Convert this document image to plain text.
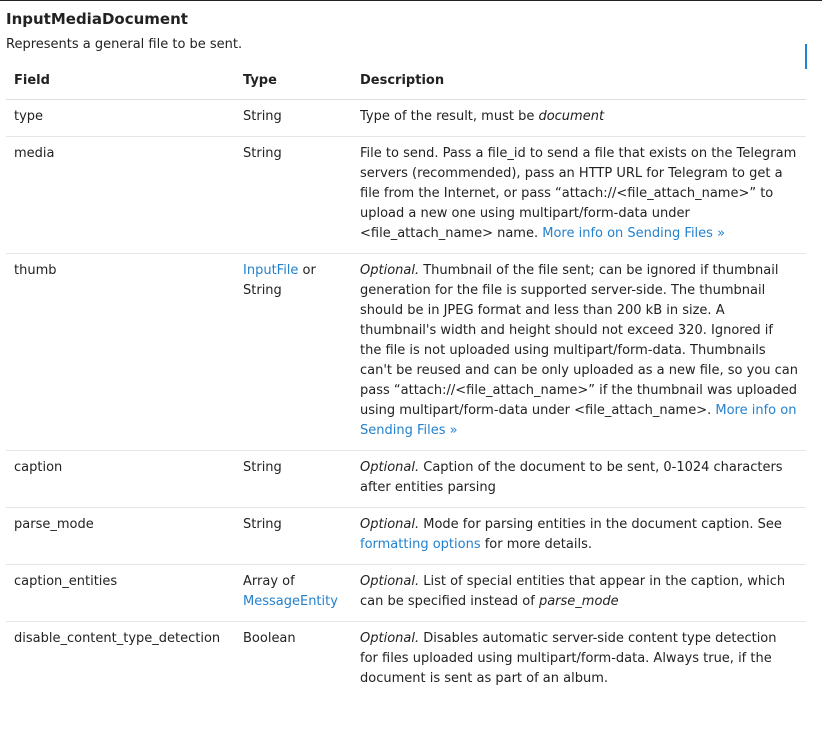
InputMediaDocument

Represents a general file to be sent.

Field	Type	Description
type	String	Type of the result, must be document
media	String	File to send. Pass a file_id to send a file that exists on the Telegram servers (recommended), pass an HTTP URL for Telegram to get a file from the Internet, or pass “attach://<file_attach_name>” to upload a new one using multipart/form-data under <file_attach_name> name. More info on Sending Files »
thumb	InputFile or String	Optional. Thumbnail of the file sent; can be ignored if thumbnail generation for the file is supported server-side. The thumbnail should be in JPEG format and less than 200 kB in size. A thumbnail's width and height should not exceed 320. Ignored if the file is not uploaded using multipart/form-data. Thumbnails can't be reused and can be only uploaded as a new file, so you can pass “attach://<file_attach_name>” if the thumbnail was uploaded using multipart/form-data under <file_attach_name>. More info on Sending Files »
caption	String	Optional. Caption of the document to be sent, 0-1024 characters after entities parsing
parse_mode	String	Optional. Mode for parsing entities in the document caption. See formatting options for more details.
caption_entities	Array of MessageEntity	Optional. List of special entities that appear in the caption, which can be specified instead of parse_mode
disable_content_type_detection	Boolean	Optional. Disables automatic server-side content type detection for files uploaded using multipart/form-data. Always true, if the document is sent as part of an album.
